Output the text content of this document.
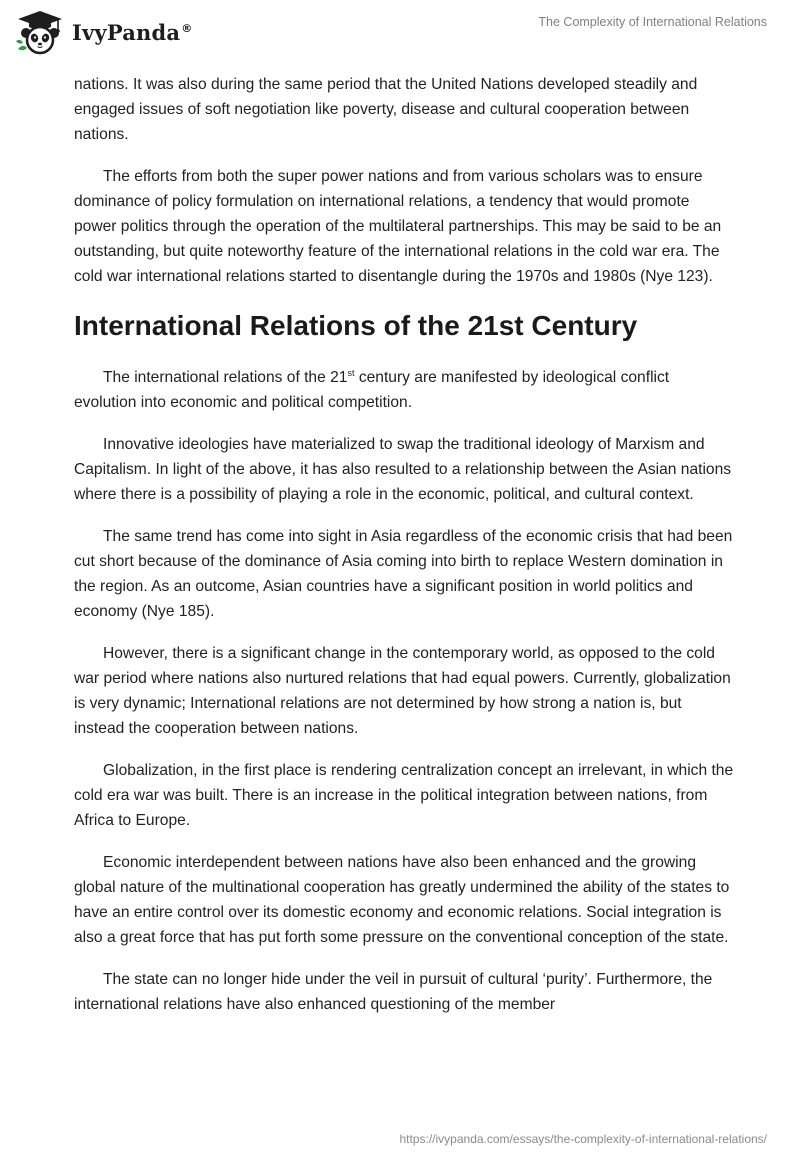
IvyPanda®	The Complexity of International Relations

nations. It was also during the same period that the United Nations developed steadily and engaged issues of soft negotiation like poverty, disease and cultural cooperation between nations.

The efforts from both the super power nations and from various scholars was to ensure dominance of policy formulation on international relations, a tendency that would promote power politics through the operation of the multilateral partnerships. This may be said to be an outstanding, but quite noteworthy feature of the international relations in the cold war era. The cold war international relations started to disentangle during the 1970s and 1980s (Nye 123).

International Relations of the 21st Century

The international relations of the 21st century are manifested by ideological conflict evolution into economic and political competition.

Innovative ideologies have materialized to swap the traditional ideology of Marxism and Capitalism. In light of the above, it has also resulted to a relationship between the Asian nations where there is a possibility of playing a role in the economic, political, and cultural context.

The same trend has come into sight in Asia regardless of the economic crisis that had been cut short because of the dominance of Asia coming into birth to replace Western domination in the region. As an outcome, Asian countries have a significant position in world politics and economy (Nye 185).

However, there is a significant change in the contemporary world, as opposed to the cold war period where nations also nurtured relations that had equal powers. Currently, globalization is very dynamic; International relations are not determined by how strong a nation is, but instead the cooperation between nations.

Globalization, in the first place is rendering centralization concept an irrelevant, in which the cold era war was built. There is an increase in the political integration between nations, from Africa to Europe.

Economic interdependent between nations have also been enhanced and the growing global nature of the multinational cooperation has greatly undermined the ability of the states to have an entire control over its domestic economy and economic relations. Social integration is also a great force that has put forth some pressure on the conventional conception of the state.

The state can no longer hide under the veil in pursuit of cultural ‘purity’. Furthermore, the international relations have also enhanced questioning of the member

https://ivypanda.com/essays/the-complexity-of-international-relations/
